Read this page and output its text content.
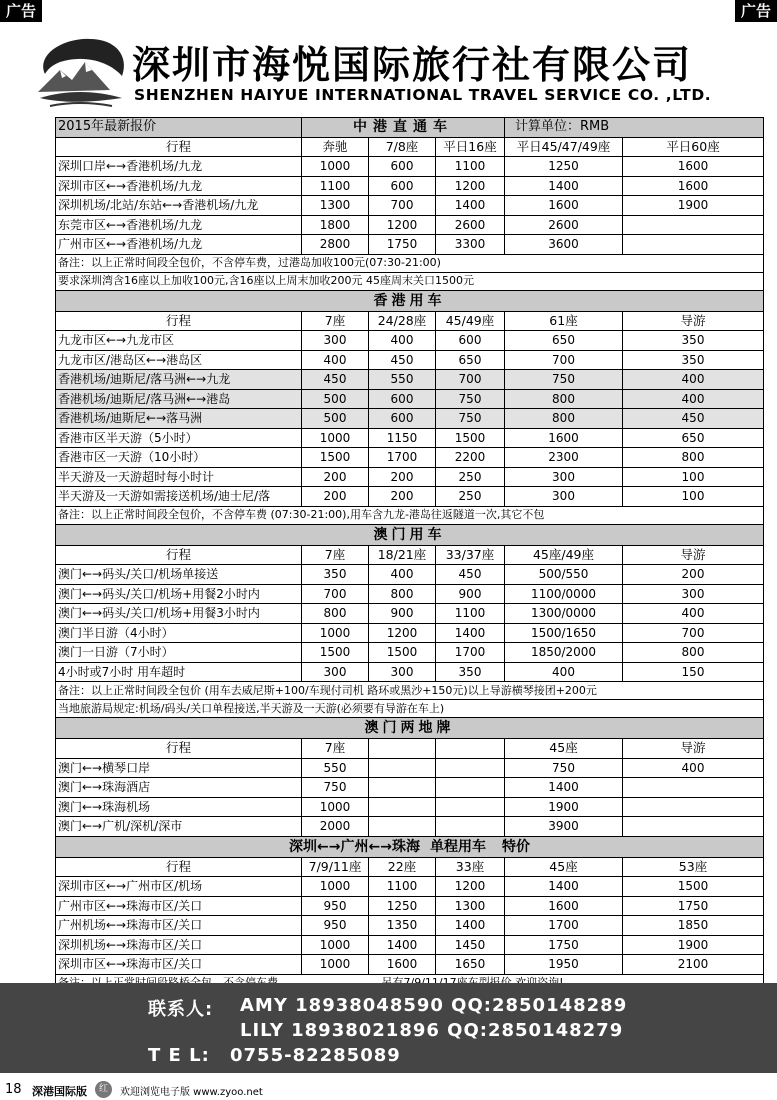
广告	广告
深圳市海悦国际旅行社有限公司
SHENZHEN HAIYUE INTERNATIONAL TRAVEL SERVICE CO. ,LTD.
2015年最新报价	中港直通车			计算单位：RMB	
行程	奔驰	7/8座	平日16座	平日45/47/49座	平日60座
深圳口岸←→香港机场/九龙	1000	600	1100	1250	1600
深圳市区←→香港机场/九龙	1100	600	1200	1400	1600
深圳机场/北站/东站←→香港机场/九龙	1300	700	1400	1600	1900
东莞市区←→香港机场/九龙	1800	1200	2600	2600	
广州市区←→香港机场/九龙	2800	1750	3300	3600	
备注：以上正常时间段全包价，不含停车费，过港岛加收100元(07:30-21:00)					
要求深圳湾含16座以上加收100元,含16座以上周末加收200元 45座周末关口1500元					
香港用车					
行程	7座	24/28座	45/49座	61座	导游
九龙市区←→九龙市区	300	400	600	650	350
九龙市区/港岛区←→港岛区	400	450	650	700	350
香港机场/迪斯尼/落马洲←→九龙	450	550	700	750	400
香港机场/迪斯尼/落马洲←→港岛	500	600	750	800	400
香港机场/迪斯尼←→落马洲	500	600	750	800	450
香港市区半天游（5小时）	1000	1150	1500	1600	650
香港市区一天游（10小时）	1500	1700	2200	2300	800
半天游及一天游超时每小时计	200	200	250	300	100
半天游及一天游如需接送机场/迪士尼/落	200	200	250	300	100
备注：以上正常时间段全包价，不含停车费 (07:30-21:00),用车含九龙-港岛往返隧道一次,其它不包					
澳门用车					
行程	7座	18/21座	33/37座	45座/49座	导游
澳门←→码头/关口/机场单接送	350	400	450	500/550	200
澳门←→码头/关口/机场+用餐2小时内	700	800	900	1100/0000	300
澳门←→码头/关口/机场+用餐3小时内	800	900	1100	1300/0000	400
澳门半日游（4小时）	1000	1200	1400	1500/1650	700
澳门一日游（7小时）	1500	1500	1700	1850/2000	800
4小时或7小时 用车超时	300	300	350	400	150
备注：以上正常时间段全包价 (用车去威尼斯+100/车现付司机 路环或黑沙+150元)以上导游横琴接团+200元					
当地旅游局规定:机场/码头/关口单程接送,半天游及一天游(必须要有导游在车上)					
澳门两地牌					
行程	7座			45座	导游
澳门←→横琴口岸	550			750	400
澳门←→珠海酒店	750			1400	
澳门←→珠海机场	1000			1900	
澳门←→广机/深机/深市	2000			3900	
深圳←→广州←→珠海 单程用车 特价					
行程	7/9/11座	22座	33座	45座	53座
深圳市区←→广州市区/机场	1000	1100	1200	1400	1500
广州市区←→珠海市区/关口	950	1250	1300	1600	1750
广州机场←→珠海市区/关口	950	1350	1400	1700	1850
深圳机场←→珠海市区/关口	1000	1400	1450	1750	1900
深圳市区←→珠海市区/关口	1000	1600	1650	1950	2100

联系人: AMY 18938048590 QQ:2850148289
LILY 18938021896 QQ:2850148279
T E L: 0755-82285089
18 深港国际版	红	欢迎浏览电子版 www.zyoo.net
